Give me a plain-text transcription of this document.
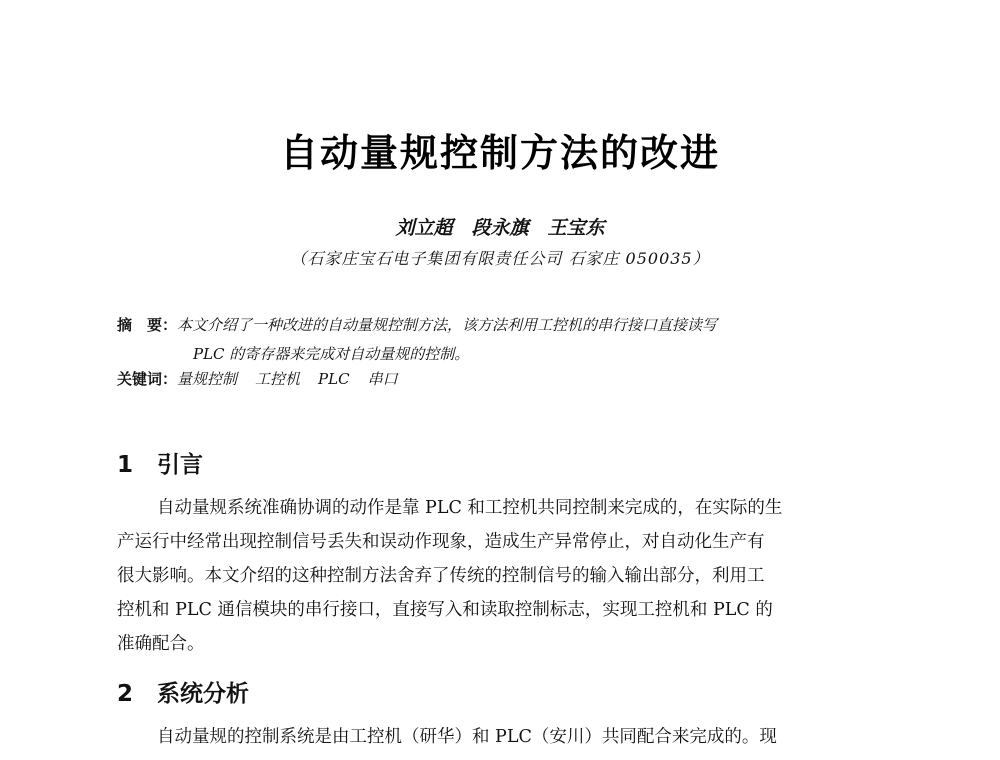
自动量规控制方法的改进
刘立超　段永旗　王宝东
（石家庄宝石电子集团有限责任公司 石家庄 050035）
摘　要：本文介绍了一种改进的自动量规控制方法，该方法利用工控机的串行接口直接读写
PLC 的寄存器来完成对自动量规的控制。
关键词：量规控制 工控机 PLC 串口
1 引言
自动量规系统准确协调的动作是靠 PLC 和工控机共同控制来完成的，在实际的生
产运行中经常出现控制信号丢失和误动作现象，造成生产异常停止，对自动化生产有
很大影响。本文介绍的这种控制方法舍弃了传统的控制信号的输入输出部分，利用工
控机和 PLC 通信模块的串行接口，直接写入和读取控制标志，实现工控机和 PLC 的
准确配合。
2 系统分析
自动量规的控制系统是由工控机（研华）和 PLC（安川）共同配合来完成的。现
